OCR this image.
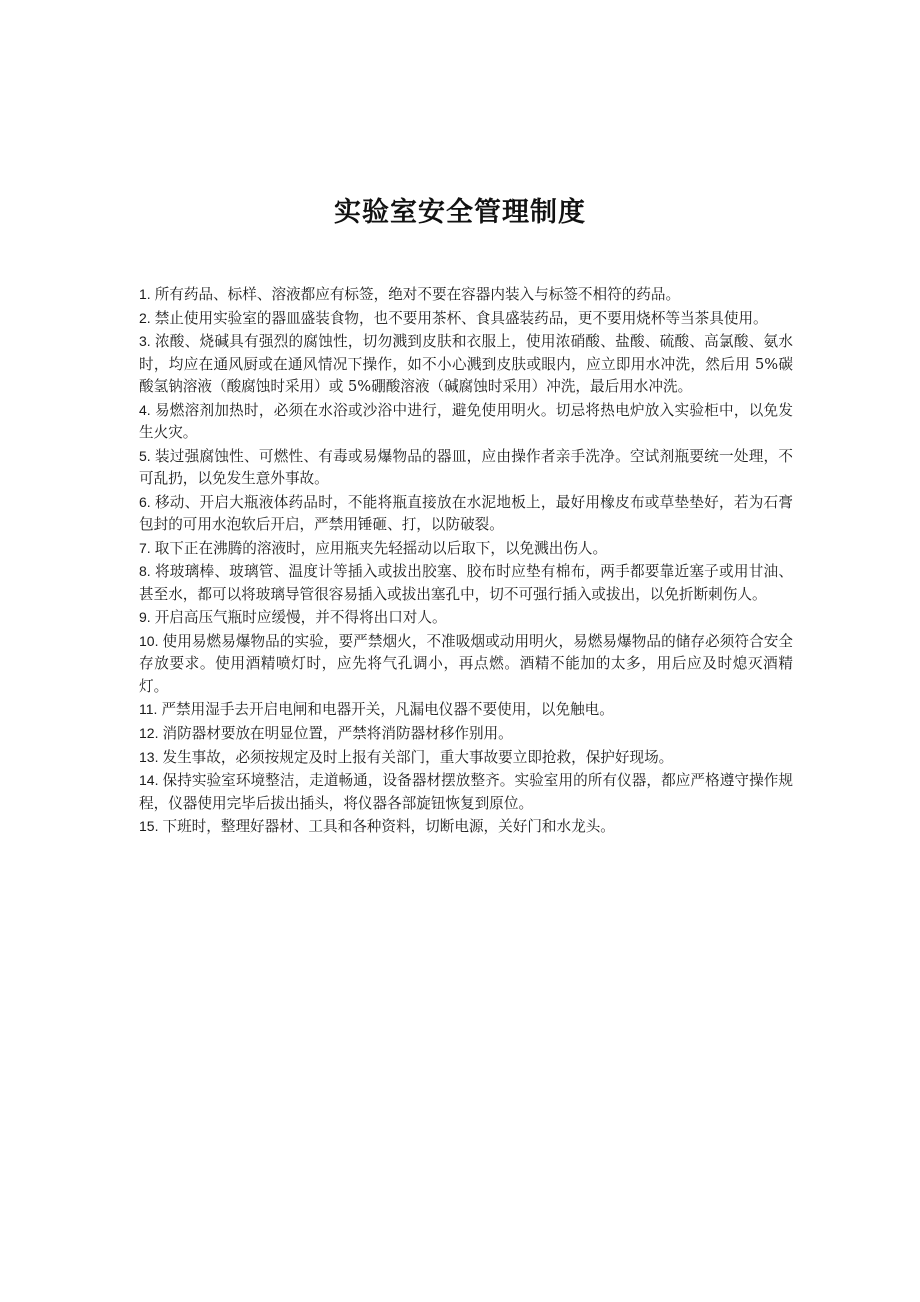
实验室安全管理制度
1. 所有药品、标样、溶液都应有标签，绝对不要在容器内装入与标签不相符的药品。
2. 禁止使用实验室的器皿盛装食物，也不要用茶杯、食具盛装药品，更不要用烧杯等当茶具使用。
3. 浓酸、烧碱具有强烈的腐蚀性，切勿溅到皮肤和衣服上，使用浓硝酸、盐酸、硫酸、高氯酸、氨水时，均应在通风厨或在通风情况下操作，如不小心溅到皮肤或眼内，应立即用水冲洗，然后用 5%碳酸氢钠溶液（酸腐蚀时采用）或 5%硼酸溶液（碱腐蚀时采用）冲洗，最后用水冲洗。
4. 易燃溶剂加热时，必须在水浴或沙浴中进行，避免使用明火。切忌将热电炉放入实验柜中，以免发生火灾。
5. 装过强腐蚀性、可燃性、有毒或易爆物品的器皿，应由操作者亲手洗净。空试剂瓶要统一处理，不可乱扔，以免发生意外事故。
6. 移动、开启大瓶液体药品时，不能将瓶直接放在水泥地板上，最好用橡皮布或草垫垫好，若为石膏包封的可用水泡软后开启，严禁用锤砸、打，以防破裂。
7. 取下正在沸腾的溶液时，应用瓶夹先轻摇动以后取下，以免溅出伤人。
8. 将玻璃棒、玻璃管、温度计等插入或拔出胶塞、胶布时应垫有棉布，两手都要靠近塞子或用甘油、甚至水，都可以将玻璃导管很容易插入或拔出塞孔中，切不可强行插入或拔出，以免折断刺伤人。
9. 开启高压气瓶时应缓慢，并不得将出口对人。
10. 使用易燃易爆物品的实验，要严禁烟火，不准吸烟或动用明火，易燃易爆物品的储存必须符合安全存放要求。使用酒精喷灯时，应先将气孔调小，再点燃。酒精不能加的太多，用后应及时熄灭酒精灯。
11. 严禁用湿手去开启电闸和电器开关，凡漏电仪器不要使用，以免触电。
12. 消防器材要放在明显位置，严禁将消防器材移作别用。
13. 发生事故，必须按规定及时上报有关部门，重大事故要立即抢救，保护好现场。
14. 保持实验室环境整洁，走道畅通，设备器材摆放整齐。实验室用的所有仪器，都应严格遵守操作规程，仪器使用完毕后拔出插头，将仪器各部旋钮恢复到原位。
15. 下班时，整理好器材、工具和各种资料，切断电源，关好门和水龙头。
